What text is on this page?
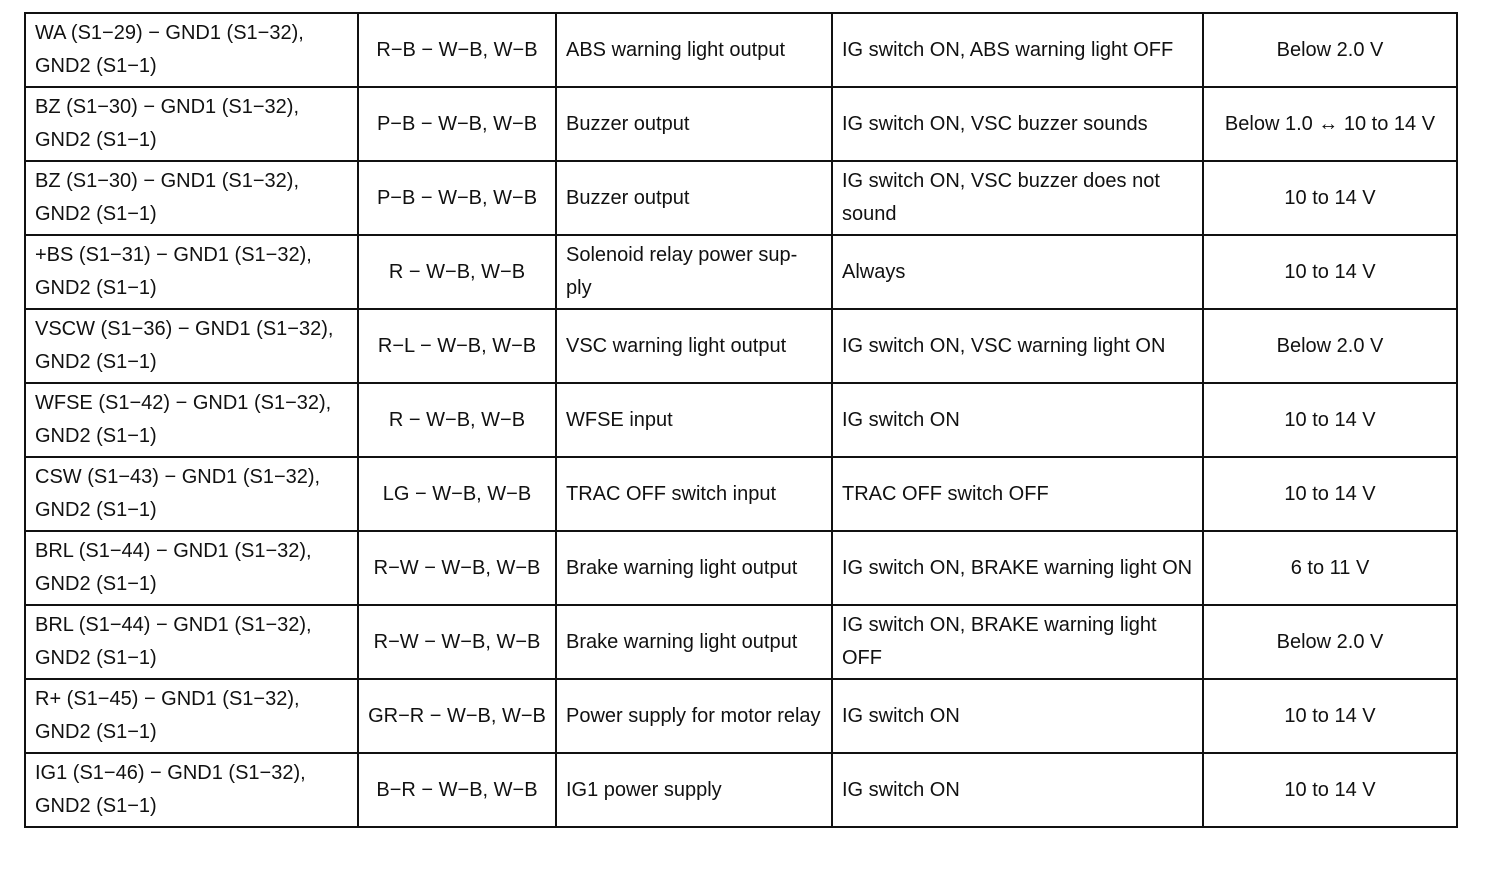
WA (S1−29) − GND1 (S1−32), GND2 (S1−1)	R−B − W−B, W−B	ABS warning light output	IG switch ON, ABS warning light OFF	Below 2.0 V
BZ (S1−30) − GND1 (S1−32), GND2 (S1−1)	P−B − W−B, W−B	Buzzer output	IG switch ON, VSC buzzer sounds	Below 1.0 ↔ 10 to 14 V
BZ (S1−30) − GND1 (S1−32), GND2 (S1−1)	P−B − W−B, W−B	Buzzer output	IG switch ON, VSC buzzer does not sound	10 to 14 V
+BS (S1−31) − GND1 (S1−32), GND2 (S1−1)	R − W−B, W−B	Solenoid relay power sup-ply	Always	10 to 14 V
VSCW (S1−36) − GND1 (S1−32), GND2 (S1−1)	R−L − W−B, W−B	VSC warning light output	IG switch ON, VSC warning light ON	Below 2.0 V
WFSE (S1−42) − GND1 (S1−32), GND2 (S1−1)	R − W−B, W−B	WFSE input	IG switch ON	10 to 14 V
CSW (S1−43) − GND1 (S1−32), GND2 (S1−1)	LG − W−B, W−B	TRAC OFF switch input	TRAC OFF switch OFF	10 to 14 V
BRL (S1−44) − GND1 (S1−32), GND2 (S1−1)	R−W − W−B, W−B	Brake warning light output	IG switch ON, BRAKE warning light ON	6 to 11 V
BRL (S1−44) − GND1 (S1−32), GND2 (S1−1)	R−W − W−B, W−B	Brake warning light output	IG switch ON, BRAKE warning light OFF	Below 2.0 V
R+ (S1−45) − GND1 (S1−32), GND2 (S1−1)	GR−R − W−B, W−B	Power supply for motor relay	IG switch ON	10 to 14 V
IG1 (S1−46) − GND1 (S1−32), GND2 (S1−1)	B−R − W−B, W−B	IG1 power supply	IG switch ON	10 to 14 V
